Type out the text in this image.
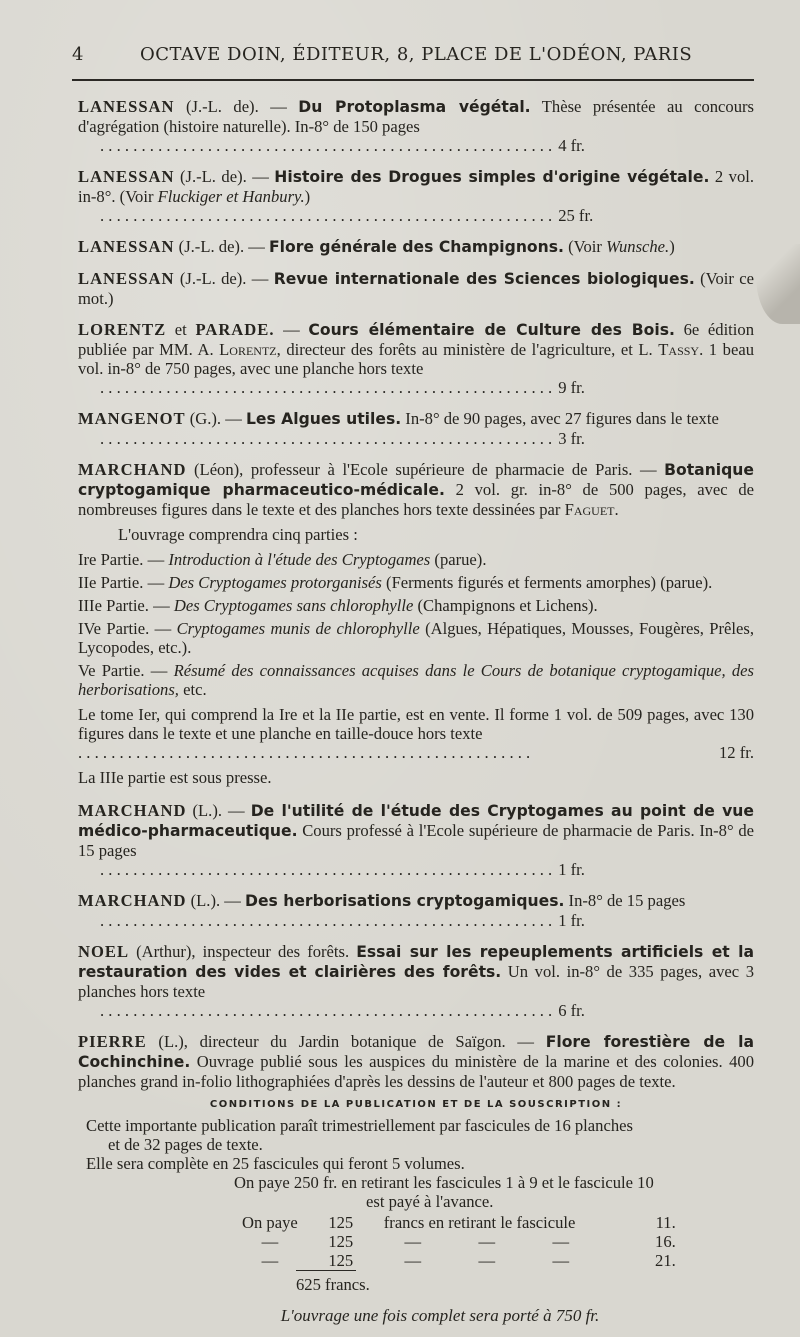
4	OCTAVE DOIN, ÉDITEUR, 8, PLACE DE L'ODÉON, PARIS
LANESSAN (J.-L. de). — Du Protoplasma végétal. Thèse présentée au concours d'agrégation (histoire naturelle). In-8° de 150 pages
. . .4 fr.
LANESSAN (J.-L. de). — Histoire des Drogues simples d'origine végétale. 2 vol. in-8°. (Voir Fluckiger et Hanbury.)
. . .25 fr.
LANESSAN (J.-L. de). — Flore générale des Champignons. (Voir Wunsche.)
LANESSAN (J.-L. de). — Revue internationale des Sciences biologiques. (Voir ce mot.)
LORENTZ et PARADE. — Cours élémentaire de Culture des Bois. 6e édition publiée par MM. A. Lorentz, directeur des forêts au ministère de l'agriculture, et L. Tassy. 1 beau vol. in-8° de 750 pages, avec une planche hors texte
. . .9 fr.
MANGENOT (G.). — Les Algues utiles. In-8° de 90 pages, avec 27 figures dans le texte
. . .3 fr.
MARCHAND (Léon), professeur à l'Ecole supérieure de pharmacie de Paris. — Botanique cryptogamique pharmaceutico-médicale. 2 vol. gr. in-8° de 500 pages, avec de nombreuses figures dans le texte et des planches hors texte dessinées par Faguet.

L'ouvrage comprendra cinq parties :

Ire Partie. — Introduction à l'étude des Cryptogames (parue).

IIe Partie. — Des Cryptogames protorganisés (Ferments figurés et ferments amorphes) (parue).

IIIe Partie. — Des Cryptogames sans chlorophylle (Champignons et Lichens).

IVe Partie. — Cryptogames munis de chlorophylle (Algues, Hépatiques, Mousses, Fougères, Prêles, Lycopodes, etc.).

Ve Partie. — Résumé des connaissances acquises dans le Cours de botanique cryptogamique, des herborisations, etc.

Le tome Ier, qui comprend la Ire et la IIe partie, est en vente. Il forme 1 vol. de 509 pages, avec 130 figures dans le texte et une planche en taille-douce hors texte
. . .
12 fr.

La IIIe partie est sous presse.

MARCHAND (L.). — De l'utilité de l'étude des Cryptogames au point de vue médico-pharmaceutique. Cours professé à l'Ecole supérieure de pharmacie de Paris. In-8° de 15 pages
. . .1 fr.
MARCHAND (L.). — Des herborisations cryptogamiques. In-8° de 15 pages
. . .1 fr.
NOEL (Arthur), inspecteur des forêts. Essai sur les repeuplements artificiels et la restauration des vides et clairières des forêts. Un vol. in-8° de 335 pages, avec 3 planches hors texte
. . .6 fr.
PIERRE (L.), directeur du Jardin botanique de Saïgon. — Flore forestière de la Cochinchine. Ouvrage publié sous les auspices du ministère de la marine et des colonies. 400 planches grand in-folio lithographiées d'après les dessins de l'auteur et 800 pages de texte.
CONDITIONS DE LA PUBLICATION ET DE LA SOUSCRIPTION :

Cette importante publication paraît trimestriellement par fascicules de 16 planches

et de 32 pages de texte.

Elle sera complète en 25 fascicules qui feront 5 volumes.

On paye 250 fr. en retirant les fascicules 1 à 9 et le fascicule 10

est payé à l'avance.

On paye	125	francs en retirant le fascicule			11.
—	125	—	—	—	16.
—	125	—	—	—	21.
625 francs.
L'ouvrage une fois complet sera porté à 750 fr.
